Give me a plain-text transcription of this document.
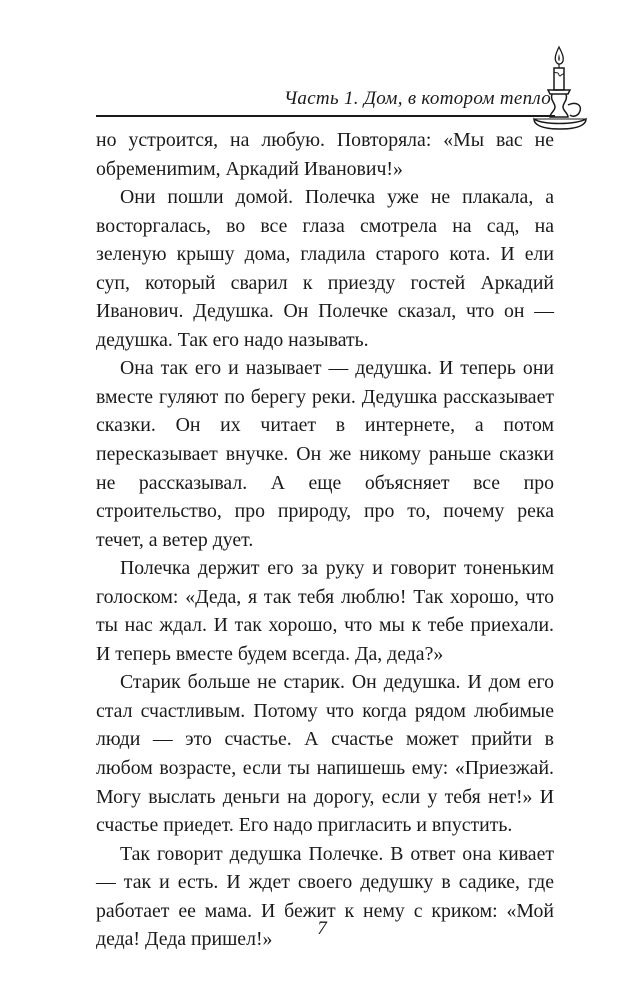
Часть 1. Дом, в котором тепло

но устроится, на любую. Повторяла: «Мы вас не обремениmим, Аркадий Иванович!»

Они пошли домой. Полечка уже не плакала, а восторгалась, во все глаза смотрела на сад, на зеленую крышу дома, гладила старого кота. И ели суп, который сварил к приезду гостей Аркадий Иванович. Дедушка. Он Полечке сказал, что он — дедушка. Так его надо называть.

Она так его и называет — дедушка. И теперь они вместе гуляют по берегу реки. Дедушка рассказывает сказки. Он их читает в интернете, а потом пересказывает внучке. Он же никому раньше сказки не рассказывал. А еще объясняет все про строительство, про природу, про то, почему река течет, а ветер дует.

Полечка держит его за руку и говорит тоненьким голоском: «Деда, я так тебя люблю! Так хорошо, что ты нас ждал. И так хорошо, что мы к тебе приехали. И теперь вместе будем всегда. Да, деда?»

Старик больше не старик. Он дедушка. И дом его стал счастливым. Потому что когда рядом любимые люди — это счастье. А счастье может прийти в любом возрасте, если ты напишешь ему: «Приезжай. Могу выслать деньги на дорогу, если у тебя нет!» И счастье приедет. Его надо пригласить и впустить.

Так говорит дедушка Полечке. В ответ она кивает — так и есть. И ждет своего дедушку в садике, где работает ее мама. И бежит к нему с криком: «Мой деда! Деда пришел!»	7
